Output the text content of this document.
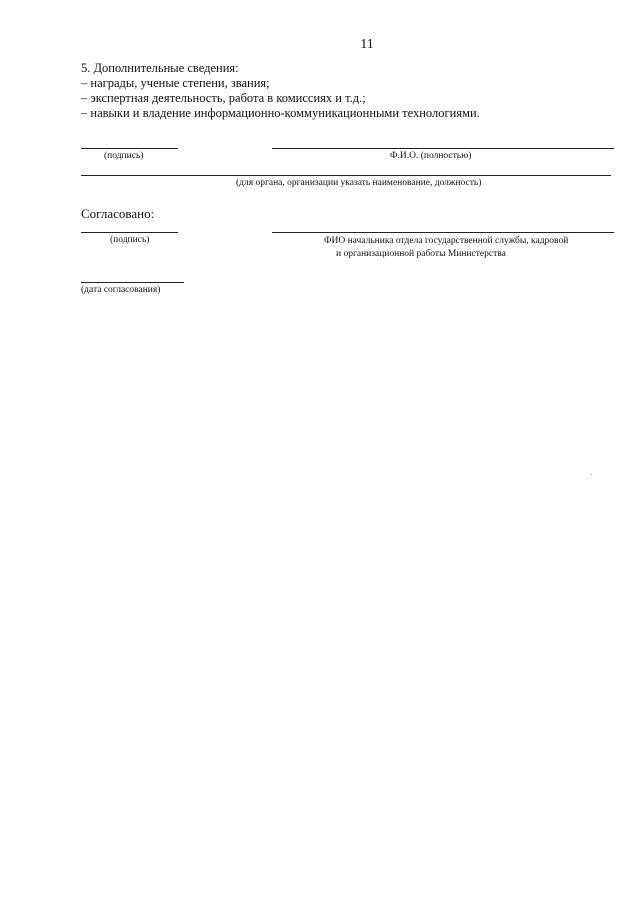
11
5. Дополнительные сведения:
– награды, ученые степени, звания;
– экспертная деятельность, работа в комиссиях и т.д.;
– навыки и владение информационно-коммуникационными технологиями.
(подпись)	Ф.И.О. (полностью)
(для органа, организации указать наименование, должность)
Согласовано:
(подпись)	ФИО начальника отдела государственной службы, кадровой
и организационной работы Министерства
(дата согласования)
